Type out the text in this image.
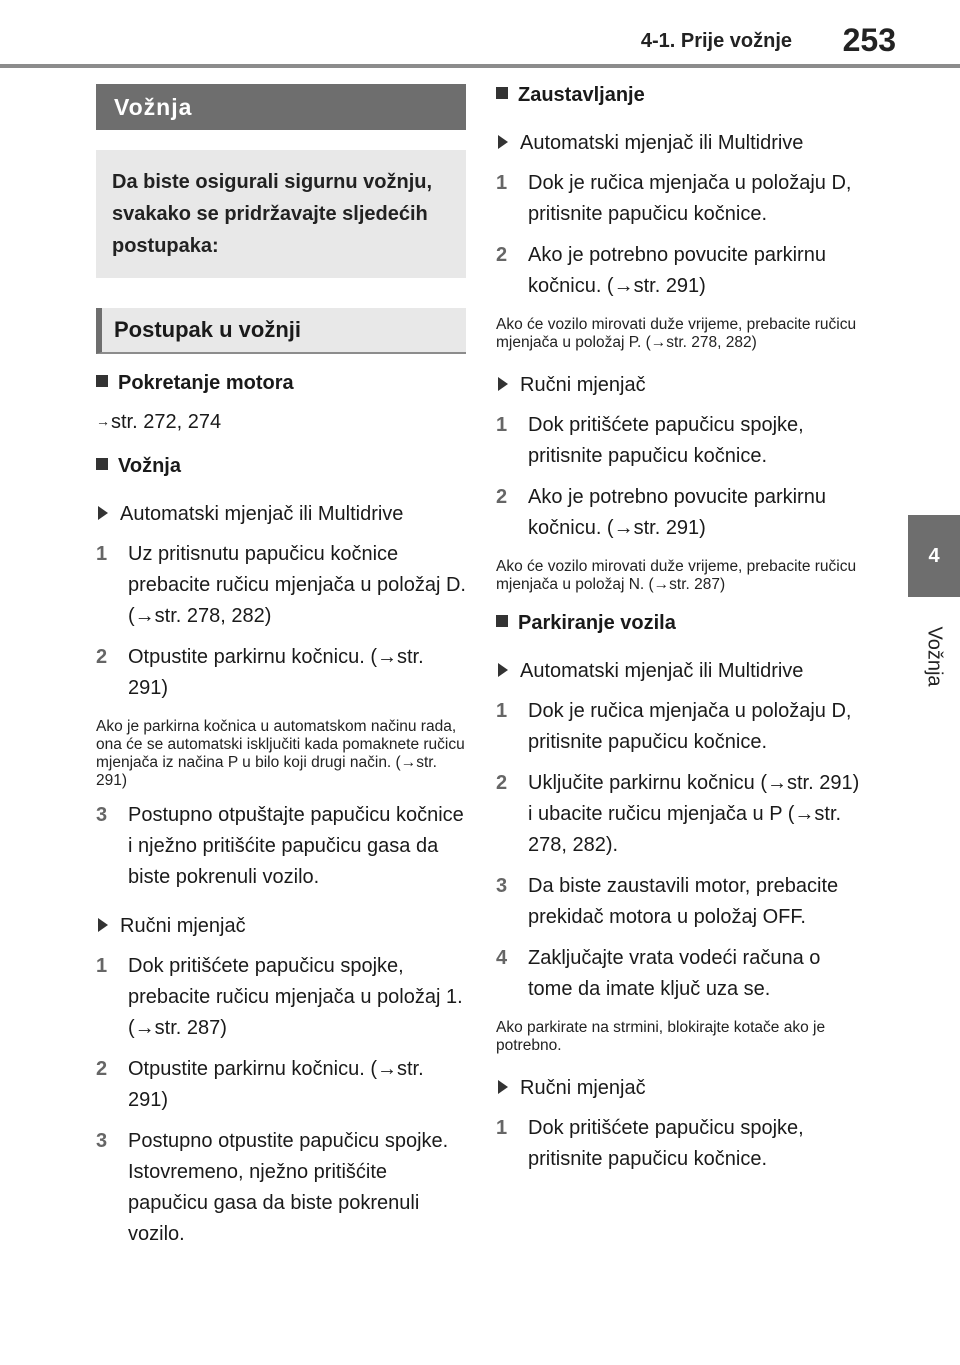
4-1. Prije vožnje 253
4
Vožnja
Vožnja
Da biste osigurali sigurnu vožnju, svakako se pridržavajte sljedećih postupaka:
Postupak u vožnji
Pokretanje motora
→str. 272, 274
Vožnja
Automatski mjenjač ili Multidrive
1	Uz pritisnutu papučicu kočnice prebacite ručicu mjenjača u položaj D. (→str. 278, 282)
2	Otpustite parkirnu kočnicu. (→str. 291)
Ako je parkirna kočnica u automatskom načinu rada, ona će se automatski isključiti kada pomaknete ručicu mjenjača iz načina P u bilo koji drugi način. (→str. 291)
3	Postupno otpuštajte papučicu kočnice i nježno pritišćite papučicu gasa da biste pokrenuli vozilo.
Ručni mjenjač
1	Dok pritišćete papučicu spojke, prebacite ručicu mjenjača u položaj 1. (→str. 287)
2	Otpustite parkirnu kočnicu. (→str. 291)
3	Postupno otpustite papučicu spojke. Istovremeno, nježno pritišćite papučicu gasa da biste pokrenuli vozilo.
Zaustavljanje
Automatski mjenjač ili Multidrive
1	Dok je ručica mjenjača u položaju D, pritisnite papučicu kočnice.
2	Ako je potrebno povucite parkirnu kočnicu. (→str. 291)
Ako će vozilo mirovati duže vrijeme, prebacite ručicu mjenjača u položaj P. (→str. 278, 282)
Ručni mjenjač
1	Dok pritišćete papučicu spojke, pritisnite papučicu kočnice.
2	Ako je potrebno povucite parkirnu kočnicu. (→str. 291)
Ako će vozilo mirovati duže vrijeme, prebacite ručicu mjenjača u položaj N. (→str. 287)
Parkiranje vozila
Automatski mjenjač ili Multidrive
1	Dok je ručica mjenjača u položaju D, pritisnite papučicu kočnice.
2	Uključite parkirnu kočnicu (→str. 291) i ubacite ručicu mjenjača u P (→str. 278, 282).
3	Da biste zaustavili motor, prebacite prekidač motora u položaj OFF.
4	Zaključajte vrata vodeći računa o tome da imate ključ uza se.
Ako parkirate na strmini, blokirajte kotače ako je potrebno.
Ručni mjenjač
1	Dok pritišćete papučicu spojke, pritisnite papučicu kočnice.
